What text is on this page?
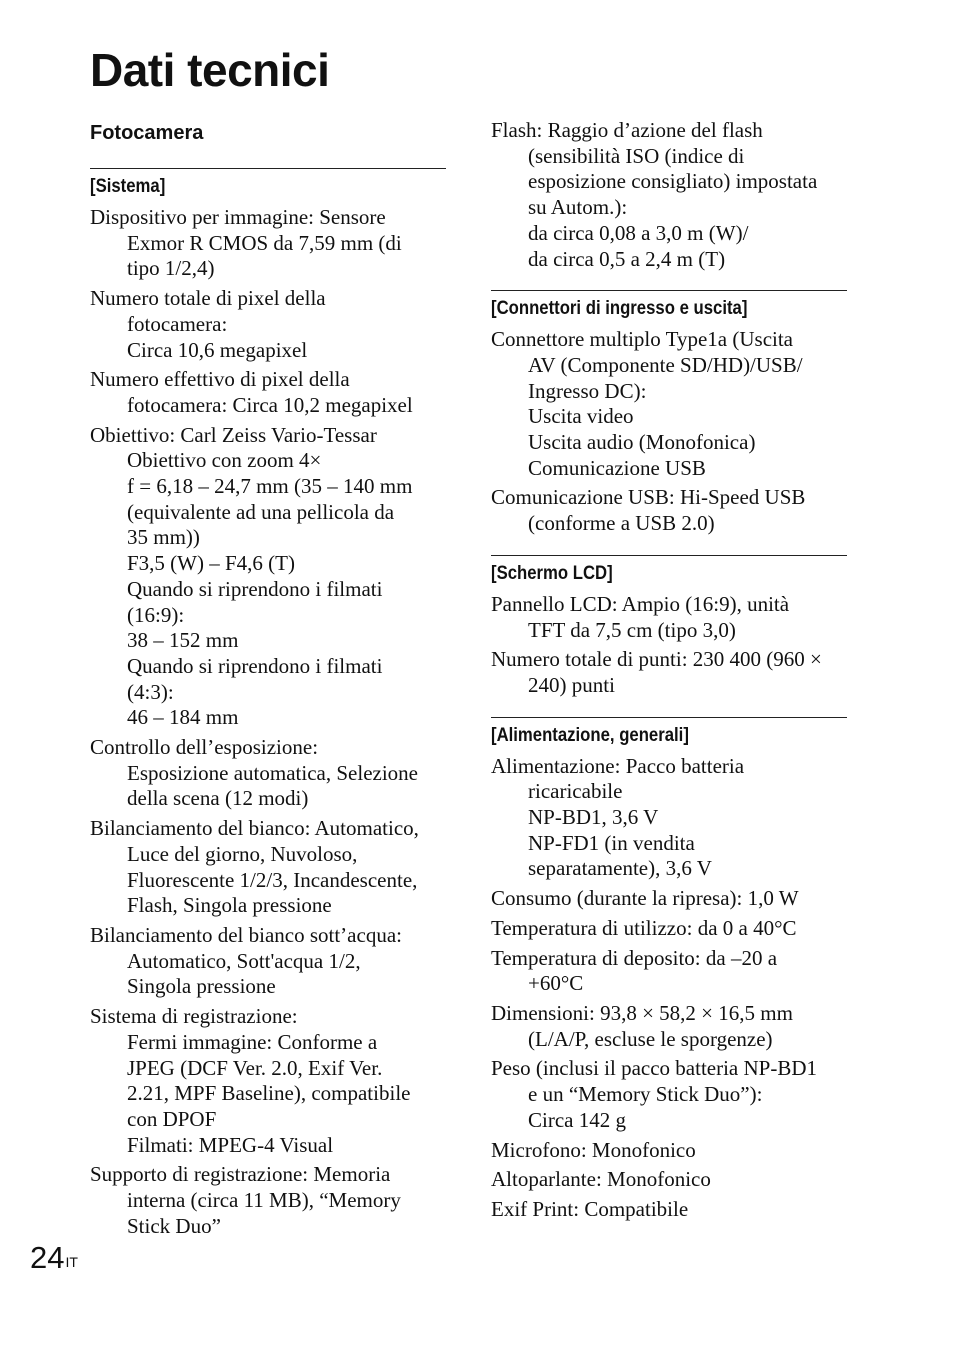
Dati tecnici
Fotocamera
[Sistema]
Dispositivo per immagine: Sensore
Exmor R CMOS da 7,59 mm (di
tipo 1/2,4)
Numero totale di pixel della
fotocamera:
Circa 10,6 megapixel
Numero effettivo di pixel della
fotocamera: Circa 10,2 megapixel
Obiettivo: Carl Zeiss Vario-Tessar
Obiettivo con zoom 4×
f = 6,18 – 24,7 mm (35 – 140 mm
(equivalente ad una pellicola da
35 mm))
F3,5 (W) – F4,6 (T)
Quando si riprendono i filmati
(16:9):
38 – 152 mm
Quando si riprendono i filmati
(4:3):
46 – 184 mm
Controllo dell’esposizione:
Esposizione automatica, Selezione
della scena (12 modi)
Bilanciamento del bianco: Automatico,
Luce del giorno, Nuvoloso,
Fluorescente 1/2/3, Incandescente,
Flash, Singola pressione
Bilanciamento del bianco sott’acqua:
Automatico, Sott'acqua 1/2,
Singola pressione
Sistema di registrazione:
Fermi immagine: Conforme a
JPEG (DCF Ver. 2.0, Exif Ver.
2.21, MPF Baseline), compatibile
con DPOF
Filmati: MPEG-4 Visual
Supporto di registrazione: Memoria
interna (circa 11 MB), “Memory
Stick Duo”
Flash: Raggio d’azione del flash
(sensibilità ISO (indice di
esposizione consigliato) impostata
su Autom.):
da circa 0,08 a 3,0 m (W)/
da circa 0,5 a 2,4 m (T)
[Connettori di ingresso e uscita]
Connettore multiplo Type1a (Uscita
AV (Componente SD/HD)/USB/
Ingresso DC):
Uscita video
Uscita audio (Monofonica)
Comunicazione USB
Comunicazione USB: Hi-Speed USB
(conforme a USB 2.0)
[Schermo LCD]
Pannello LCD: Ampio (16:9), unità
TFT da 7,5 cm (tipo 3,0)
Numero totale di punti: 230 400 (960 ×
240) punti
[Alimentazione, generali]
Alimentazione: Pacco batteria
ricaricabile
NP-BD1, 3,6 V
NP-FD1 (in vendita
separatamente), 3,6 V
Consumo (durante la ripresa): 1,0 W
Temperatura di utilizzo: da 0 a 40°C
Temperatura di deposito: da –20 a
+60°C
Dimensioni: 93,8 × 58,2 × 16,5 mm
(L/A/P, escluse le sporgenze)
Peso (inclusi il pacco batteria NP-BD1
e un “Memory Stick Duo”):
Circa 142 g
Microfono: Monofonico
Altoparlante: Monofonico
Exif Print: Compatibile
$24^{IT}$
